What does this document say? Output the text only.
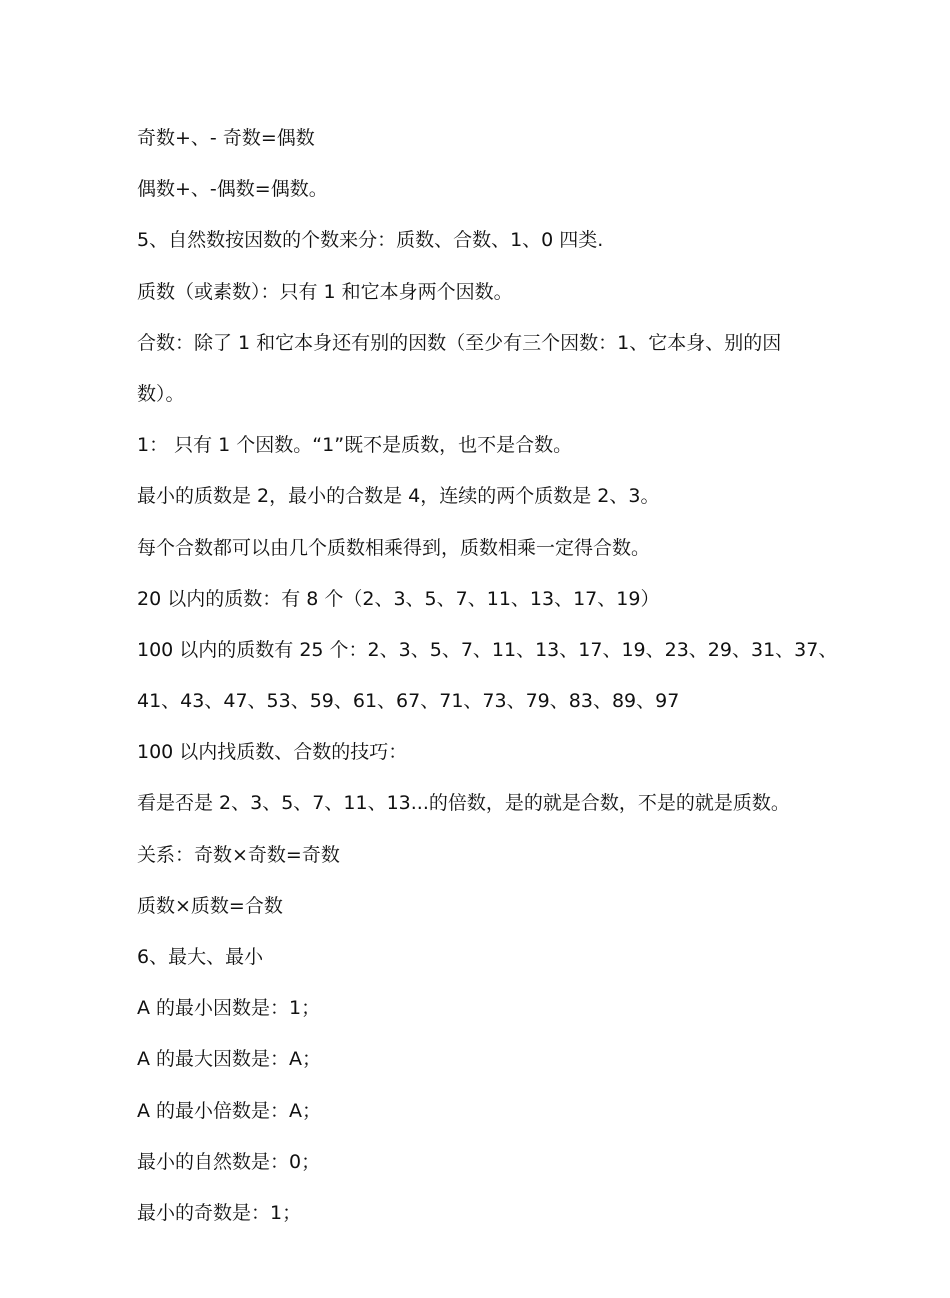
奇数+、- 奇数=偶数

偶数+、-偶数=偶数。

5、自然数按因数的个数来分：质数、合数、1、0 四类.

质数（或素数）：只有 1 和它本身两个因数。

合数：除了 1 和它本身还有别的因数（至少有三个因数：1、它本身、别的因

数）。

1： 只有 1 个因数。“1”既不是质数，也不是合数。

最小的质数是 2，最小的合数是 4，连续的两个质数是 2、3。

每个合数都可以由几个质数相乘得到，质数相乘一定得合数。

20 以内的质数：有 8 个（2、3、5、7、11、13、17、19）

100 以内的质数有 25 个：2、3、5、7、11、13、17、19、23、29、31、37、

41、43、47、53、59、61、67、71、73、79、83、89、97

100 以内找质数、合数的技巧：

看是否是 2、3、5、7、11、13...的倍数，是的就是合数，不是的就是质数。

关系：奇数×奇数=奇数

质数×质数=合数

6、最大、最小

A 的最小因数是：1；

A 的最大因数是：A；

A 的最小倍数是：A；

最小的自然数是：0；

最小的奇数是：1；
